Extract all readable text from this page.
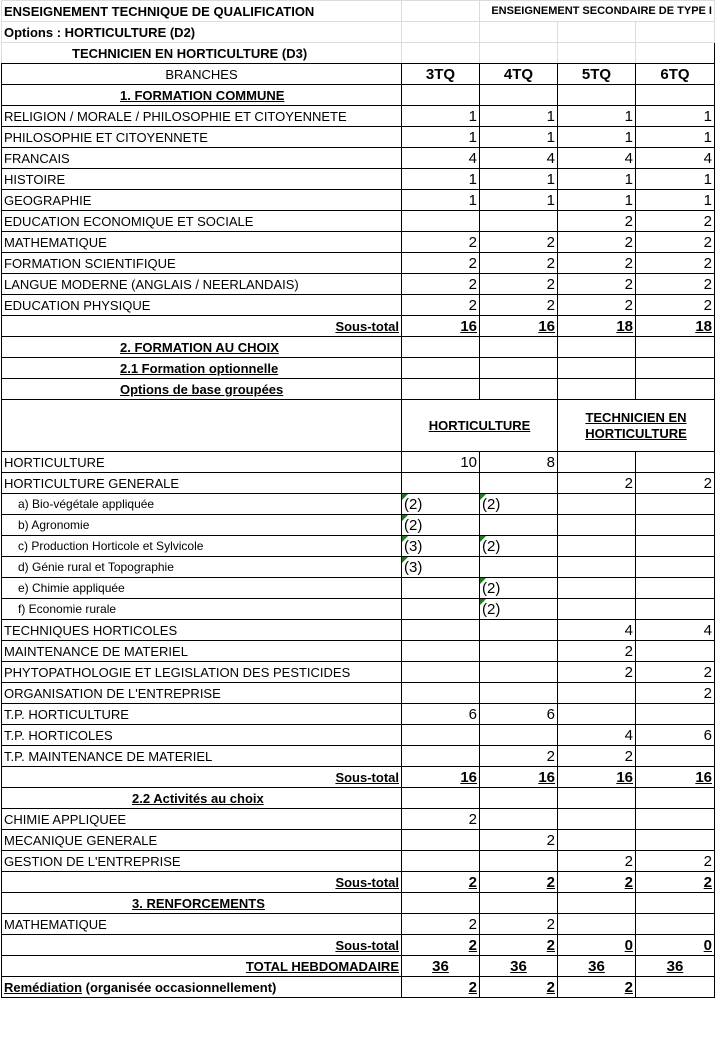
ENSEIGNEMENT TECHNIQUE DE QUALIFICATION		ENSEIGNEMENT SECONDAIRE DE TYPE I		
Options : HORTICULTURE (D2)				
TECHNICIEN EN HORTICULTURE (D3)				
BRANCHES	3TQ	4TQ	5TQ	6TQ
1. FORMATION COMMUNE				
RELIGION / MORALE / PHILOSOPHIE ET CITOYENNETE	1	1	1	1
PHILOSOPHIE ET CITOYENNETE	1	1	1	1
FRANCAIS	4	4	4	4
HISTOIRE	1	1	1	1
GEOGRAPHIE	1	1	1	1
EDUCATION ECONOMIQUE ET SOCIALE			2	2
MATHEMATIQUE	2	2	2	2
FORMATION SCIENTIFIQUE	2	2	2	2
LANGUE MODERNE (ANGLAIS / NEERLANDAIS)	2	2	2	2
EDUCATION PHYSIQUE	2	2	2	2
Sous-total	16	16	18	18
2. FORMATION AU CHOIX				
2.1 Formation optionnelle				
Options de base groupées				
	HORTICULTURE		TECHNICIEN EN HORTICULTURE	
HORTICULTURE	10	8		
HORTICULTURE GENERALE			2	2
a) Bio-végétale appliquée	(2)	(2)		
b) Agronomie	(2)			
c) Production Horticole et Sylvicole	(3)	(2)		
d) Génie rural et Topographie	(3)			
e) Chimie appliquée		(2)		
f) Economie rurale		(2)		
TECHNIQUES HORTICOLES			4	4
MAINTENANCE DE MATERIEL			2	
PHYTOPATHOLOGIE ET LEGISLATION DES PESTICIDES			2	2
ORGANISATION DE L'ENTREPRISE				2
T.P. HORTICULTURE	6	6		
T.P. HORTICOLES			4	6
T.P. MAINTENANCE DE MATERIEL		2	2	
Sous-total	16	16	16	16
2.2 Activités au choix				
CHIMIE APPLIQUEE	2			
MECANIQUE GENERALE		2		
GESTION DE L'ENTREPRISE			2	2
Sous-total	2	2	2	2
3. RENFORCEMENTS				
MATHEMATIQUE	2	2		
Sous-total	2	2	0	0
TOTAL HEBDOMADAIRE	36	36	36	36
Remédiation (organisée occasionnellement)	2	2	2	
